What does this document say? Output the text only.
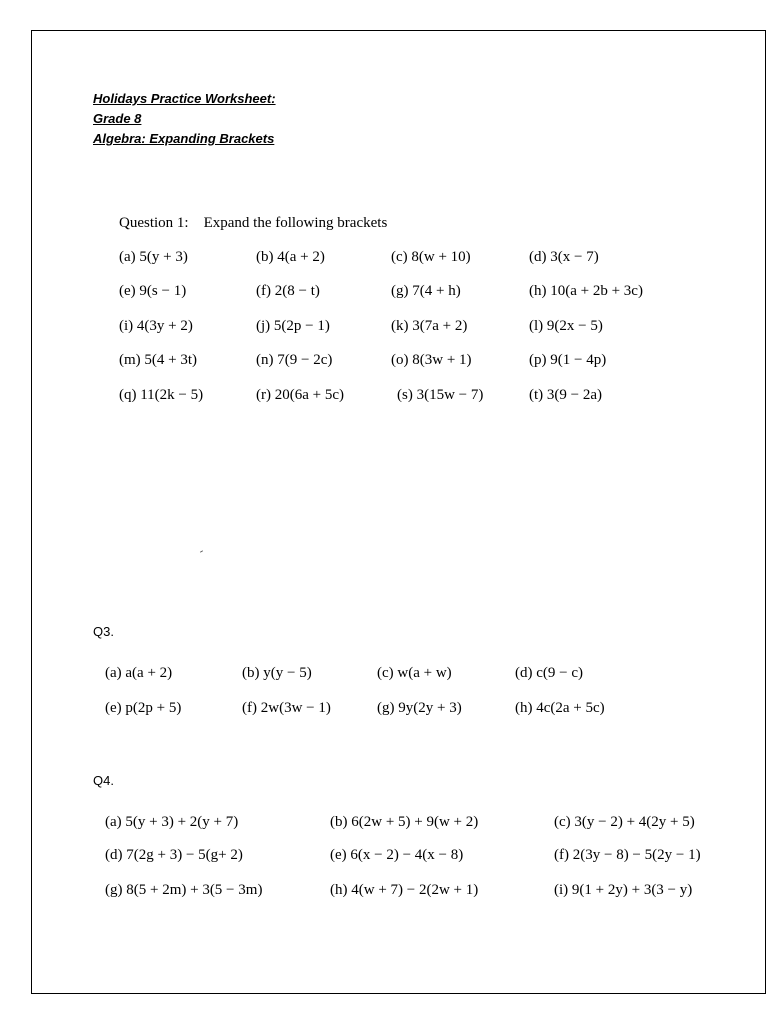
Holidays Practice Worksheet:
Grade 8
Algebra: Expanding Brackets
Question 1:    Expand the following brackets
(a) 5(y + 3)	(b) 4(a + 2)	(c) 8(w + 10)	(d) 3(x − 7)
(e) 9(s − 1)	(f) 2(8 − t)	(g) 7(4 + h)	(h) 10(a + 2b + 3c)
(i) 4(3y + 2)	(j) 5(2p − 1)	(k) 3(7a + 2)	(l) 9(2x − 5)
(m) 5(4 + 3t)	(n) 7(9 − 2c)	(o) 8(3w + 1)	(p) 9(1 − 4p)
(q) 11(2k − 5)	(r) 20(6a + 5c)	(s) 3(15w − 7)	(t) 3(9 − 2a)
Q3.
(a) a(a + 2)	(b) y(y − 5)	(c) w(a + w)	(d) c(9 − c)
(e) p(2p + 5)	(f) 2w(3w − 1)	(g) 9y(2y + 3)	(h) 4c(2a + 5c)
Q4.
(a) 5(y + 3) + 2(y + 7)	(b) 6(2w + 5) + 9(w + 2)	(c) 3(y − 2) + 4(2y + 5)
(d) 7(2g + 3) − 5(g+ 2)	(e) 6(x − 2) − 4(x − 8)	(f) 2(3y − 8) − 5(2y − 1)
(g) 8(5 + 2m) + 3(5 − 3m)	(h) 4(w + 7) − 2(2w + 1)	(i) 9(1 + 2y) + 3(3 − y)
